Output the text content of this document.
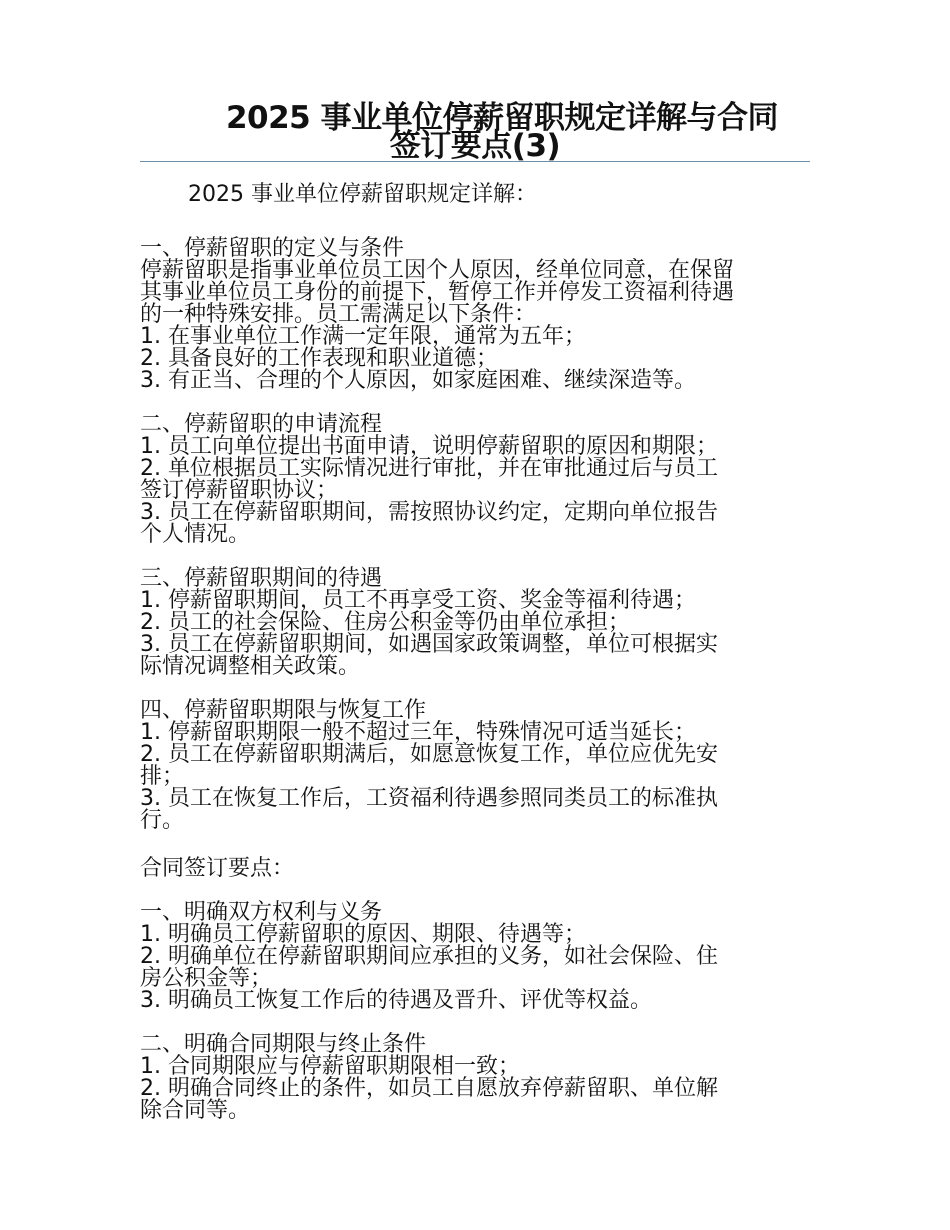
2025 事业单位停薪留职规定详解与合同
签订要点(3)

2025 事业单位停薪留职规定详解：

一、停薪留职的定义与条件
停薪留职是指事业单位员工因个人原因，经单位同意，在保留
其事业单位员工身份的前提下，暂停工作并停发工资福利待遇
的一种特殊安排。员工需满足以下条件：
1. 在事业单位工作满一定年限，通常为五年；
2. 具备良好的工作表现和职业道德；
3. 有正当、合理的个人原因，如家庭困难、继续深造等。
二、停薪留职的申请流程
1. 员工向单位提出书面申请，说明停薪留职的原因和期限；
2. 单位根据员工实际情况进行审批，并在审批通过后与员工
签订停薪留职协议；
3. 员工在停薪留职期间，需按照协议约定，定期向单位报告
个人情况。
三、停薪留职期间的待遇
1. 停薪留职期间，员工不再享受工资、奖金等福利待遇；
2. 员工的社会保险、住房公积金等仍由单位承担；
3. 员工在停薪留职期间，如遇国家政策调整，单位可根据实
际情况调整相关政策。
四、停薪留职期限与恢复工作
1. 停薪留职期限一般不超过三年，特殊情况可适当延长；
2. 员工在停薪留职期满后，如愿意恢复工作，单位应优先安
排；
3. 员工在恢复工作后，工资福利待遇参照同类员工的标准执
行。
合同签订要点：
一、明确双方权利与义务
1. 明确员工停薪留职的原因、期限、待遇等；
2. 明确单位在停薪留职期间应承担的义务，如社会保险、住
房公积金等；
3. 明确员工恢复工作后的待遇及晋升、评优等权益。
二、明确合同期限与终止条件
1. 合同期限应与停薪留职期限相一致；
2. 明确合同终止的条件，如员工自愿放弃停薪留职、单位解
除合同等。
